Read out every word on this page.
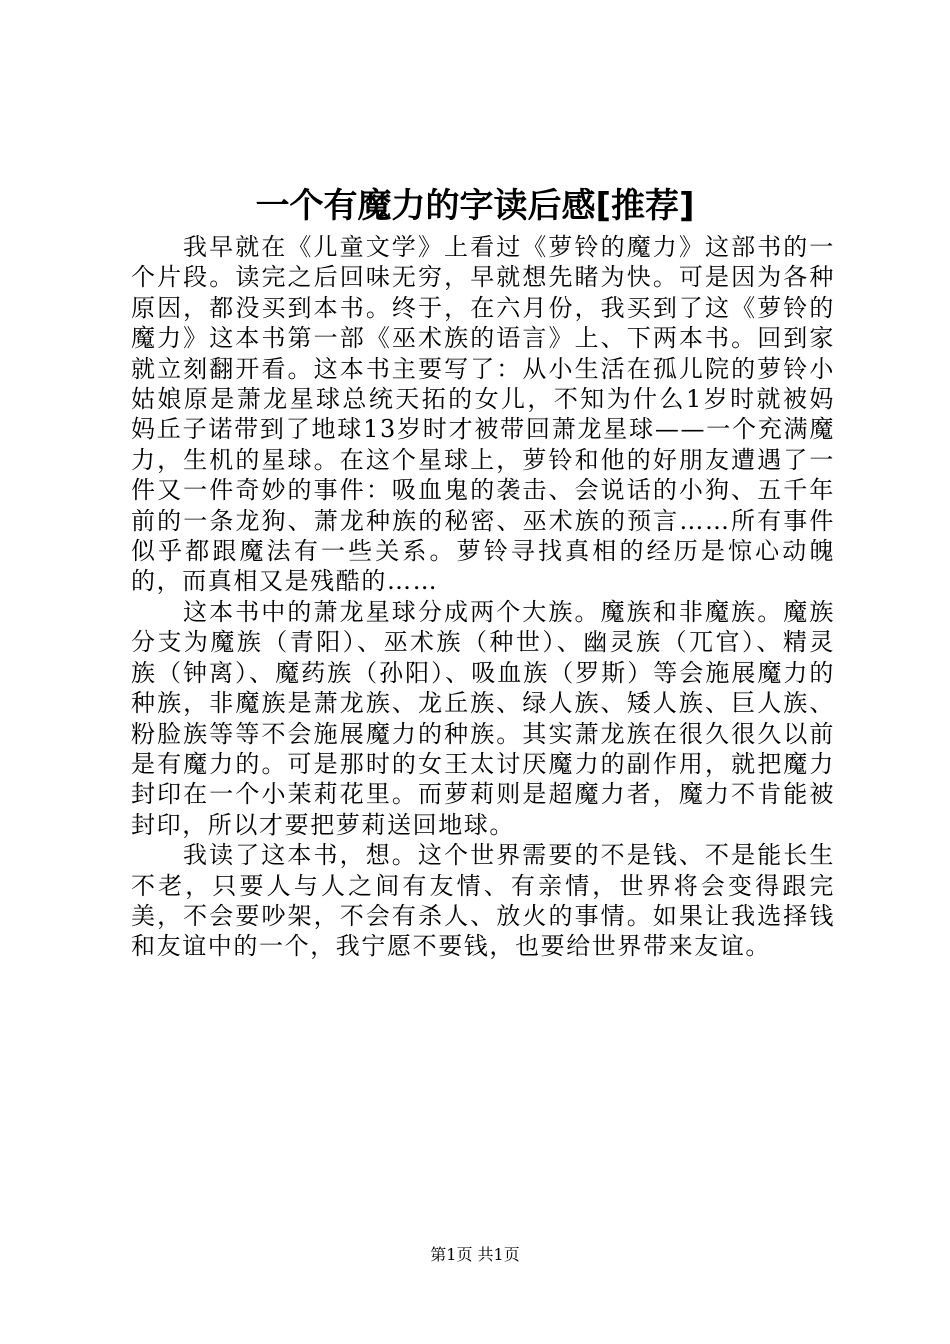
一个有魔力的字读后感[推荐]

我早就在《儿童文学》上看过《萝铃的魔力》这部书的一个片段。读完之后回味无穷，早就想先睹为快。可是因为各种原因，都没买到本书。终于，在六月份，我买到了这《萝铃的魔力》这本书第一部《巫术族的语言》上、下两本书。回到家就立刻翻开看。这本书主要写了：从小生活在孤儿院的萝铃小姑娘原是萧龙星球总统天拓的女儿，不知为什么1岁时就被妈妈丘子诺带到了地球13岁时才被带回萧龙星球——一个充满魔力，生机的星球。在这个星球上，萝铃和他的好朋友遭遇了一件又一件奇妙的事件：吸血鬼的袭击、会说话的小狗、五千年前的一条龙狗、萧龙种族的秘密、巫术族的预言……所有事件似乎都跟魔法有一些关系。萝铃寻找真相的经历是惊心动魄的，而真相又是残酷的……

这本书中的萧龙星球分成两个大族。魔族和非魔族。魔族分支为魔族（青阳）、巫术族（种世）、幽灵族（兀官）、精灵族（钟离）、魔药族（孙阳）、吸血族（罗斯）等会施展魔力的种族，非魔族是萧龙族、龙丘族、绿人族、矮人族、巨人族、粉脸族等等不会施展魔力的种族。其实萧龙族在很久很久以前是有魔力的。可是那时的女王太讨厌魔力的副作用，就把魔力封印在一个小茉莉花里。而萝莉则是超魔力者，魔力不肯能被封印，所以才要把萝莉送回地球。

我读了这本书，想。这个世界需要的不是钱、不是能长生不老，只要人与人之间有友情、有亲情，世界将会变得跟完美，不会要吵架，不会有杀人、放火的事情。如果让我选择钱和友谊中的一个，我宁愿不要钱，也要给世界带来友谊。

第1页 共1页
